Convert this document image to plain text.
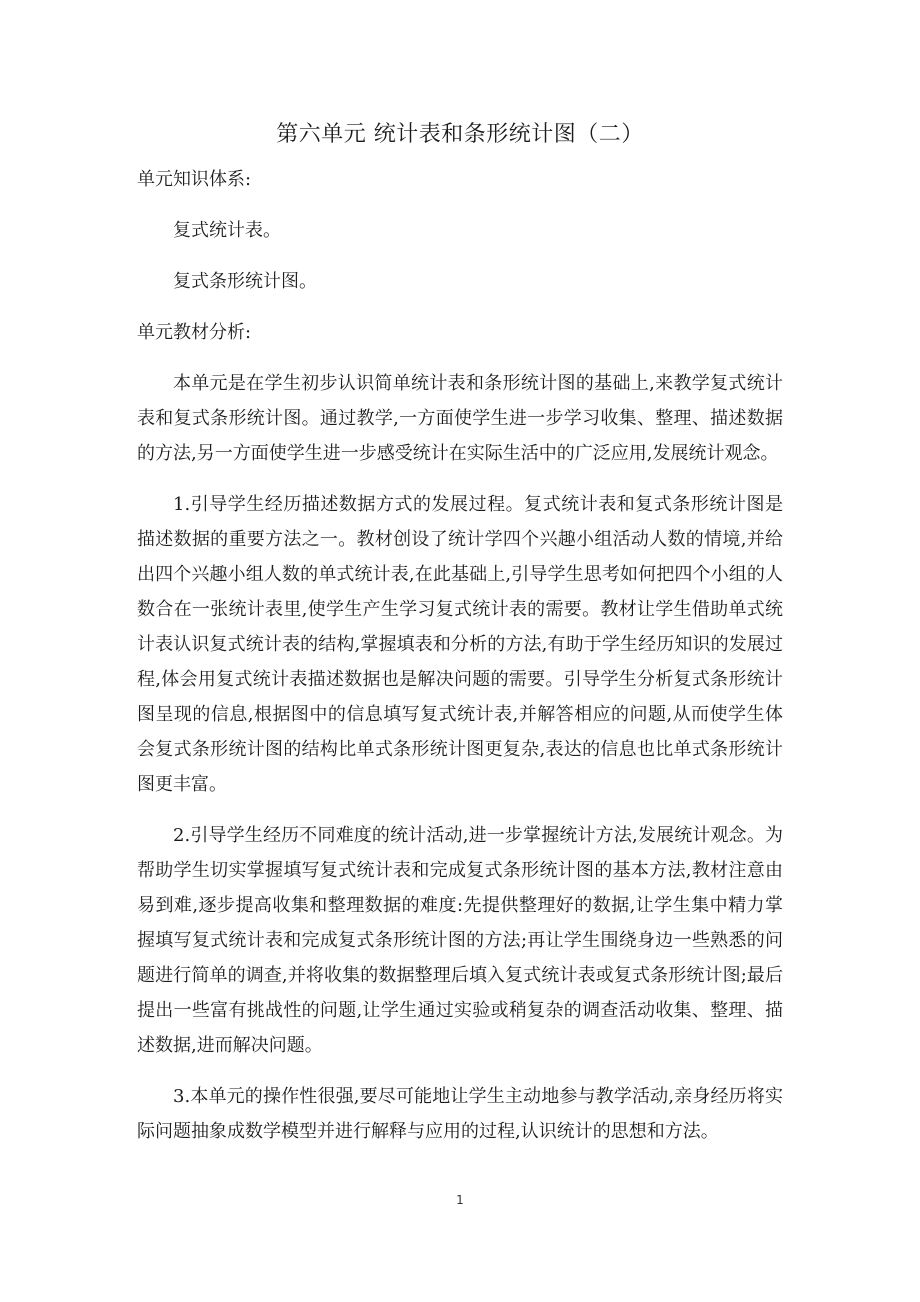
第六单元 统计表和条形统计图（二）

单元知识体系:

复式统计表。

复式条形统计图。

单元教材分析:

本单元是在学生初步认识简单统计表和条形统计图的基础上,来教学复式统计表和复式条形统计图。通过教学,一方面使学生进一步学习收集、整理、描述数据的方法,另一方面使学生进一步感受统计在实际生活中的广泛应用,发展统计观念。

1.引导学生经历描述数据方式的发展过程。复式统计表和复式条形统计图是描述数据的重要方法之一。教材创设了统计学四个兴趣小组活动人数的情境,并给出四个兴趣小组人数的单式统计表,在此基础上,引导学生思考如何把四个小组的人数合在一张统计表里,使学生产生学习复式统计表的需要。教材让学生借助单式统计表认识复式统计表的结构,掌握填表和分析的方法,有助于学生经历知识的发展过程,体会用复式统计表描述数据也是解决问题的需要。引导学生分析复式条形统计图呈现的信息,根据图中的信息填写复式统计表,并解答相应的问题,从而使学生体会复式条形统计图的结构比单式条形统计图更复杂,表达的信息也比单式条形统计图更丰富。

2.引导学生经历不同难度的统计活动,进一步掌握统计方法,发展统计观念。为帮助学生切实掌握填写复式统计表和完成复式条形统计图的基本方法,教材注意由易到难,逐步提高收集和整理数据的难度:先提供整理好的数据,让学生集中精力掌握填写复式统计表和完成复式条形统计图的方法;再让学生围绕身边一些熟悉的问题进行简单的调查,并将收集的数据整理后填入复式统计表或复式条形统计图;最后提出一些富有挑战性的问题,让学生通过实验或稍复杂的调查活动收集、整理、描述数据,进而解决问题。

3.本单元的操作性很强,要尽可能地让学生主动地参与教学活动,亲身经历将实际问题抽象成数学模型并进行解释与应用的过程,认识统计的思想和方法。

1
